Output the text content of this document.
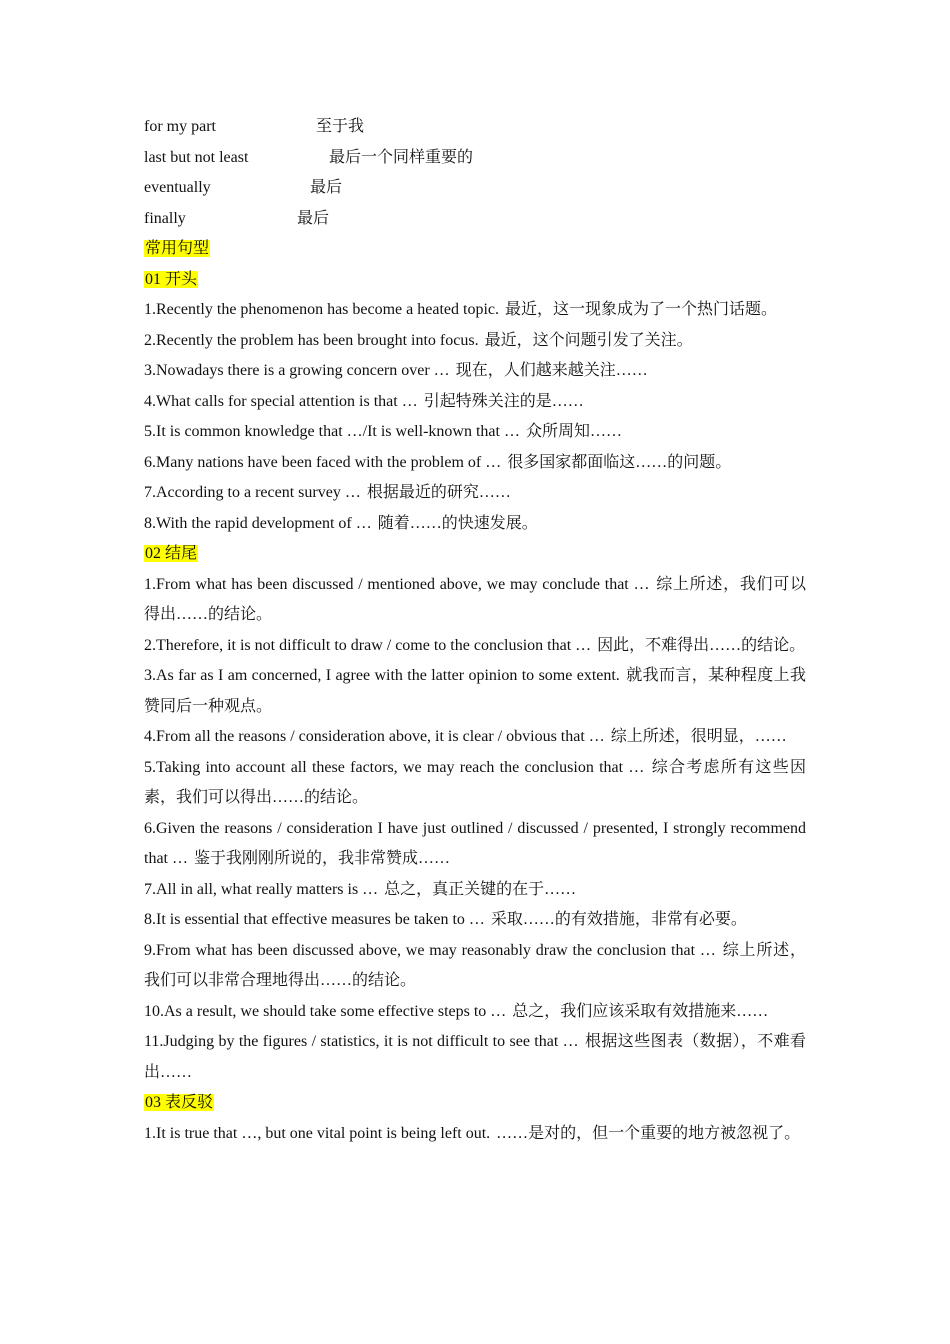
for my part	至于我
last but not least	最后一个同样重要的
eventually	最后
finally	最后

常用句型

01 开头

1.Recently the phenomenon has become a heated topic. 最近，这一现象成为了一个热门话题。

2.Recently the problem has been brought into focus. 最近，这个问题引发了关注。

3.Nowadays there is a growing concern over … 现在，人们越来越关注……

4.What calls for special attention is that … 引起特殊关注的是……

5.It is common knowledge that …/It is well-known that … 众所周知……

6.Many nations have been faced with the problem of … 很多国家都面临这……的问题。

7.According to a recent survey … 根据最近的研究……

8.With the rapid development of … 随着……的快速发展。

02 结尾

1.From what has been discussed / mentioned above, we may conclude that … 综上所述，我们可以得出……的结论。

2.Therefore, it is not difficult to draw / come to the conclusion that … 因此，不难得出……的结论。

3.As far as I am concerned, I agree with the latter opinion to some extent. 就我而言，某种程度上我赞同后一种观点。

4.From all the reasons / consideration above, it is clear / obvious that … 综上所述，很明显，……

5.Taking into account all these factors, we may reach the conclusion that … 综合考虑所有这些因素，我们可以得出……的结论。

6.Given the reasons / consideration I have just outlined / discussed / presented, I strongly recommend that … 鉴于我刚刚所说的，我非常赞成……

7.All in all, what really matters is … 总之，真正关键的在于……

8.It is essential that effective measures be taken to … 采取……的有效措施，非常有必要。

9.From what has been discussed above, we may reasonably draw the conclusion that … 综上所述，我们可以非常合理地得出……的结论。

10.As a result, we should take some effective steps to … 总之，我们应该采取有效措施来……

11.Judging by the figures / statistics, it is not difficult to see that … 根据这些图表（数据），不难看出……

03 表反驳

1.It is true that …, but one vital point is being left out. ……是对的，但一个重要的地方被忽视了。
